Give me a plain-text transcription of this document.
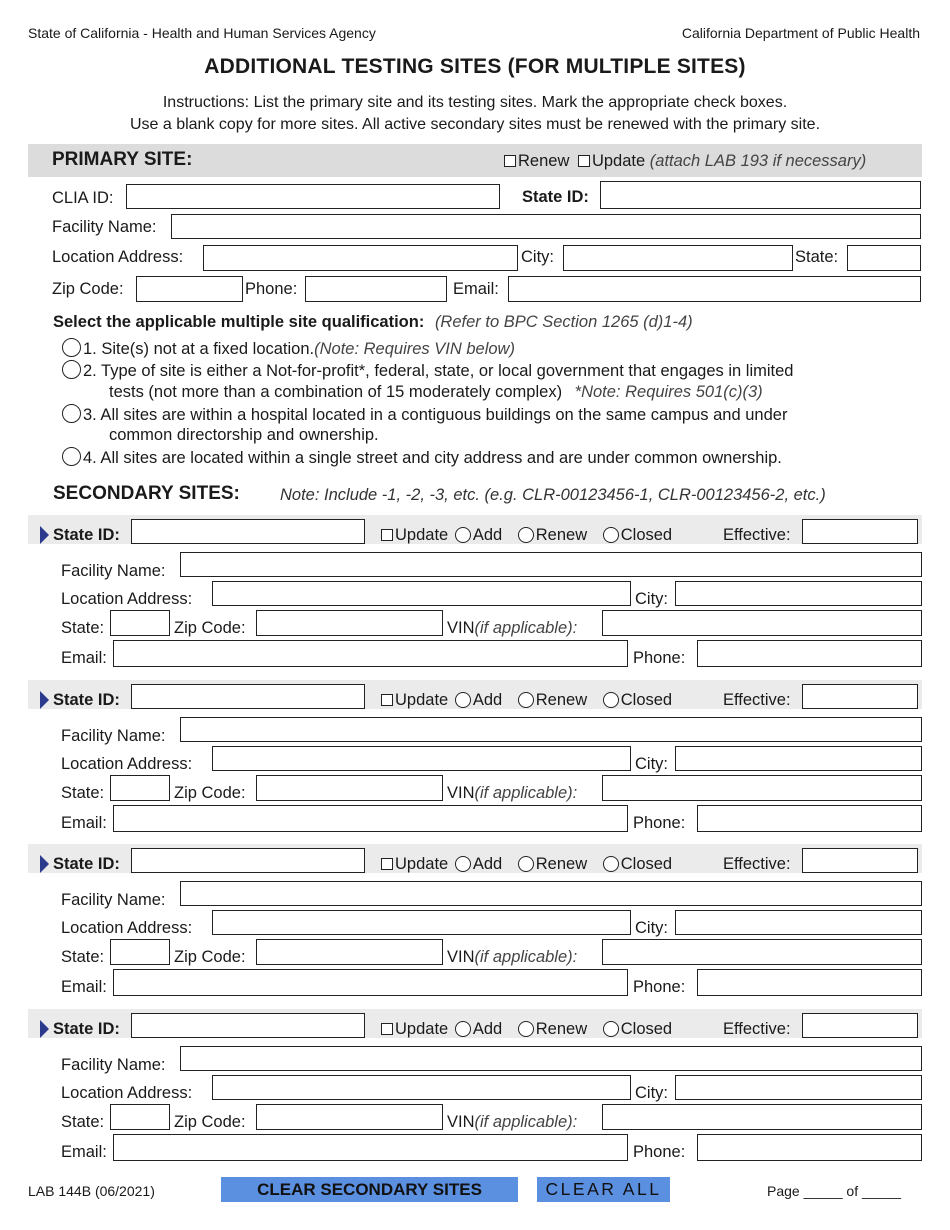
State of California - Health and Human Services Agency	California Department of Public Health
ADDITIONAL TESTING SITES (FOR MULTIPLE SITES)
Instructions: List the primary site and its testing sites. Mark the appropriate check boxes.
Use a blank copy for more sites. All active secondary sites must be renewed with the primary site.
PRIMARY SITE:	Renew Update (attach LAB 193 if necessary)
CLIA ID:	State ID:
Facility Name:
Location Address:	City:	State:
Zip Code:	Phone:	Email:
Select the applicable multiple site qualification: (Refer to BPC Section 1265 (d)1-4)
1. Site(s) not at a fixed location.(Note: Requires VIN below)
2. Type of site is either a Not-for-profit*, federal, state, or local government that engages in limited
tests (not more than a combination of 15 moderately complex) *Note: Requires 501(c)(3)
3. All sites are within a hospital located in a contiguous buildings on the same campus and under
common directorship and ownership.
4. All sites are located within a single street and city address and are under common ownership.
SECONDARY SITES: Note: Include -1, -2, -3, etc. (e.g. CLR-00123456-1, CLR-00123456-2, etc.)
State ID:	Update Add Renew Closed	Effective:
Facility Name:
Location Address:	City:
State:	Zip Code:	VIN(if applicable):
Email:	Phone:
State ID:	Update Add Renew Closed	Effective:
Facility Name:
Location Address:	City:
State:	Zip Code:	VIN(if applicable):
Email:	Phone:
State ID:	Update Add Renew Closed	Effective:
Facility Name:
Location Address:	City:
State:	Zip Code:	VIN(if applicable):
Email:	Phone:
State ID:	Update Add Renew Closed	Effective:
Facility Name:
Location Address:	City:
State:	Zip Code:	VIN(if applicable):
Email:	Phone:
LAB 144B (06/2021)	CLEAR SECONDARY SITES	CLEAR ALL	Page _____ of _____
